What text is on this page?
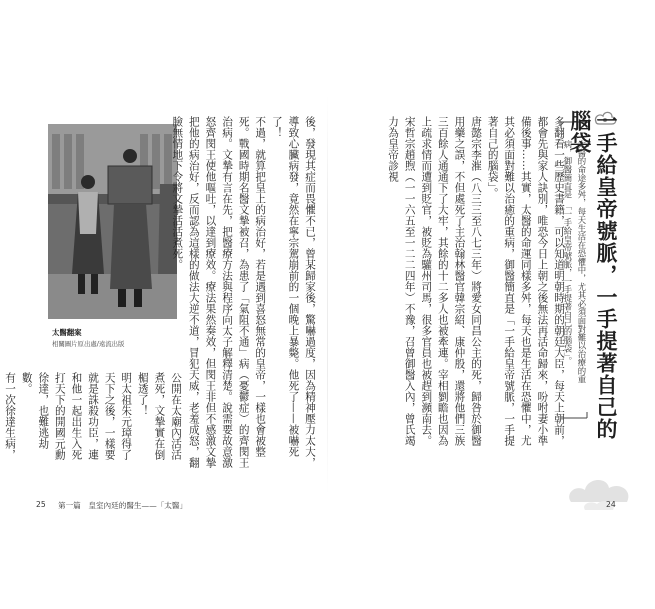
太醫翻案
相關圖片原出處/遠流出版	後，發現其症而畏懼不已，曾某歸家後，驚嚇過度，因為精神壓力太大，導致心臟病發，竟然在寧宗駕崩前的一個晚上暴斃。他死了——被嚇死了！
不過，就算把皇上的病治好，若是遇到喜怒無常的皇帝，一樣也會被整死。戰國時期名醫文摯被召，為患了「氣阻不通」病（憂鬱症）的齊閔王治病。文摯有言在先，把醫療方法與程序向太子解釋清楚。說需要故意激怒齊閔王使他嘔吐，以達到療效。療法果然奏效，但閔王非但不感激文摯把他的病治好，反而認為這樣的做法大逆不道，冒犯天威，老羞成怒，翻臉無情地下令將文摯活活煮死。
公開在太廟內活活煮死，文摯實在倒楣透了！
明太祖朱元璋得了天下之後，一樣要就是誅殺功臣，連和他一起出生入死打天下的開國元勳徐達，也難逃劫數。
有一次徐達生病，
25 第一篇　皇室內廷的醫生——「太醫」
多翻看一些歷史書籍，可以知道明朝時期的朝廷大臣，每天上朝前，都會先與家人訣別，唯恐今日上朝之後無法再活命歸來，吩咐妻小準備後事……其實，太醫的命運同樣多舛，每天也是生活在恐懼中，尤其必須面對難以治癒的重病，御醫簡直是「一手給皇帝號脈，一手提著自己的腦袋」。
唐懿宗李漼（八三三至八七三年）將愛女同昌公主的死，歸咎於御醫用藥之誤，不但處死了主治翰林醫官韓宗紹、康仲殷，還將他們三族三百餘人通通下了大牢，其餘的十二多人也被牽連。宰相劉瞻也因為上疏求情而遭到貶官，被貶為驩州司馬，很多官員也被趕到瀕南去。
宋哲宗趙煦（一一六五至一二二四年）不豫，召曾御醫入內，曾氏竭力為皇帝診視	太醫的命途多舛，每天生活在恐懼中，尤其必須面對難以治療的重病，御醫簡直是 「一手給皇帝號脈，一手提著自己的腦袋」。	一手給皇帝號脈，一手提著自己的腦袋
24
